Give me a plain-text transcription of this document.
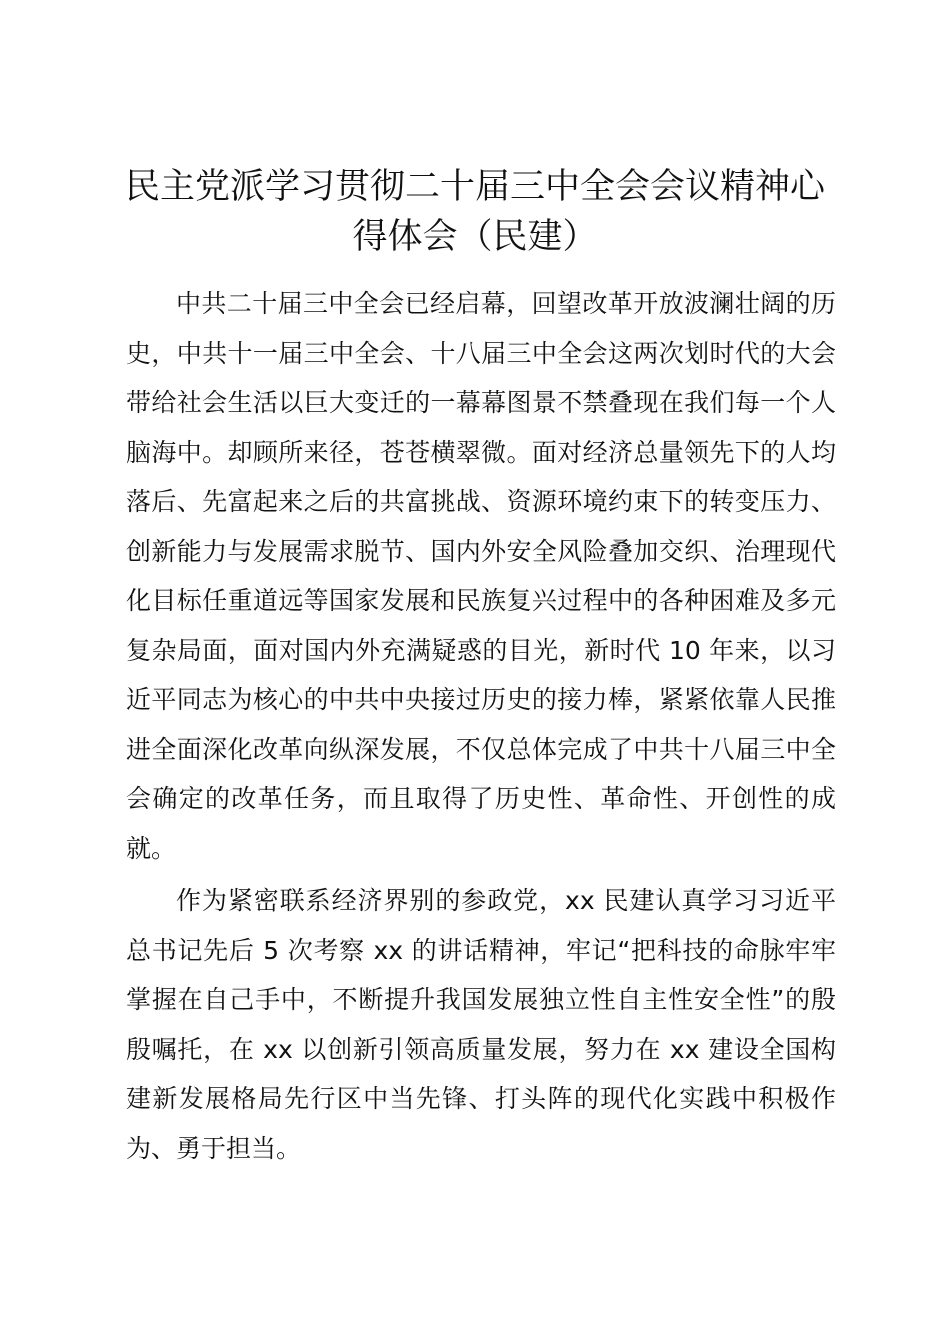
民主党派学习贯彻二十届三中全会会议精神心得体会（民建）

中共二十届三中全会已经启幕，回望改革开放波澜壮阔的历史，中共十一届三中全会、十八届三中全会这两次划时代的大会带给社会生活以巨大变迁的一幕幕图景不禁叠现在我们每一个人脑海中。却顾所来径，苍苍横翠微。面对经济总量领先下的人均落后、先富起来之后的共富挑战、资源环境约束下的转变压力、创新能力与发展需求脱节、国内外安全风险叠加交织、治理现代化目标任重道远等国家发展和民族复兴过程中的各种困难及多元复杂局面，面对国内外充满疑惑的目光，新时代 10 年来，以习近平同志为核心的中共中央接过历史的接力棒，紧紧依靠人民推进全面深化改革向纵深发展，不仅总体完成了中共十八届三中全会确定的改革任务，而且取得了历史性、革命性、开创性的成就。

作为紧密联系经济界别的参政党，xx 民建认真学习习近平总书记先后 5 次考察 xx 的讲话精神，牢记“把科技的命脉牢牢掌握在自己手中，不断提升我国发展独立性自主性安全性”的殷殷嘱托，在 xx 以创新引领高质量发展，努力在 xx 建设全国构建新发展格局先行区中当先锋、打头阵的现代化实践中积极作为、勇于担当。
